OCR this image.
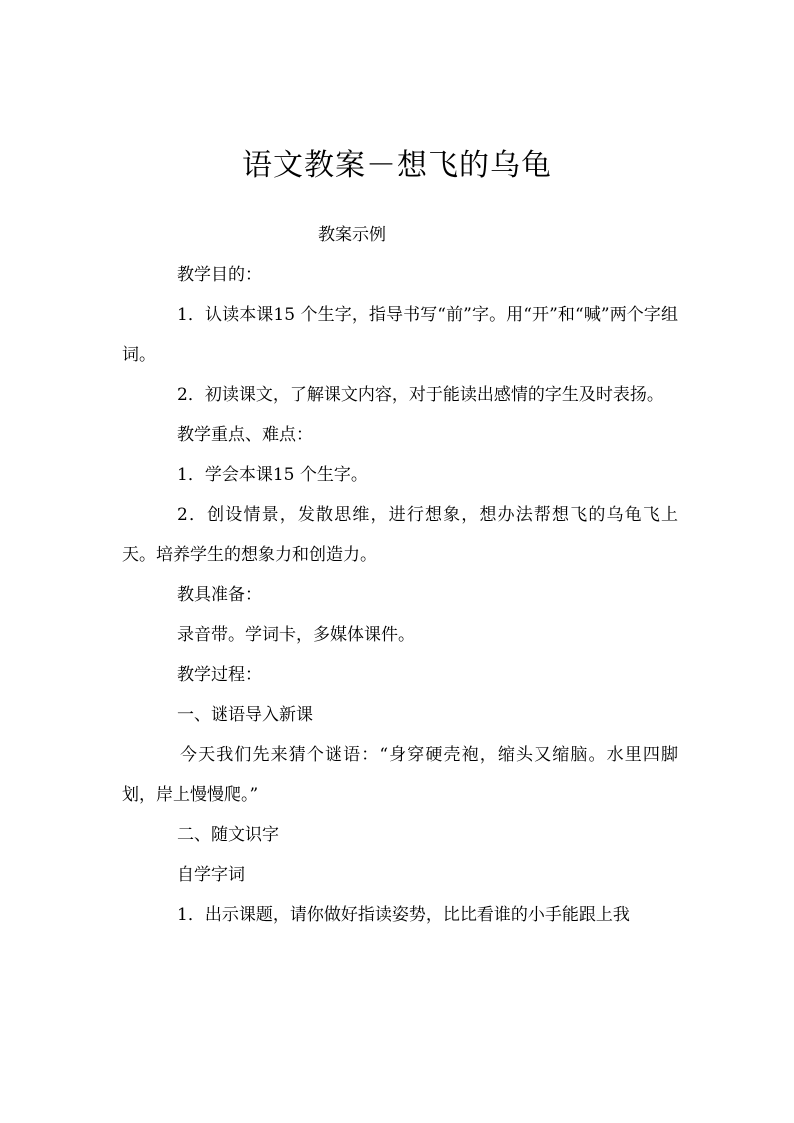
语文教案－想飞的乌龟

教案示例

教学目的：

1．认读本课15 个生字，指导书写“前”字。用“开”和“喊”两个字组词。

2．初读课文，了解课文内容，对于能读出感情的字生及时表扬。

教学重点、难点：

1．学会本课15 个生字。

2．创设情景，发散思维，进行想象，想办法帮想飞的乌龟飞上天。培养学生的想象力和创造力。

教具准备：

录音带。学词卡，多媒体课件。

教学过程：

一、谜语导入新课

今天我们先来猜个谜语：“身穿硬壳袍，缩头又缩脑。水里四脚划，岸上慢慢爬。”

二、随文识字

自学字词

1．出示课题，请你做好指读姿势，比比看谁的小手能跟上我
